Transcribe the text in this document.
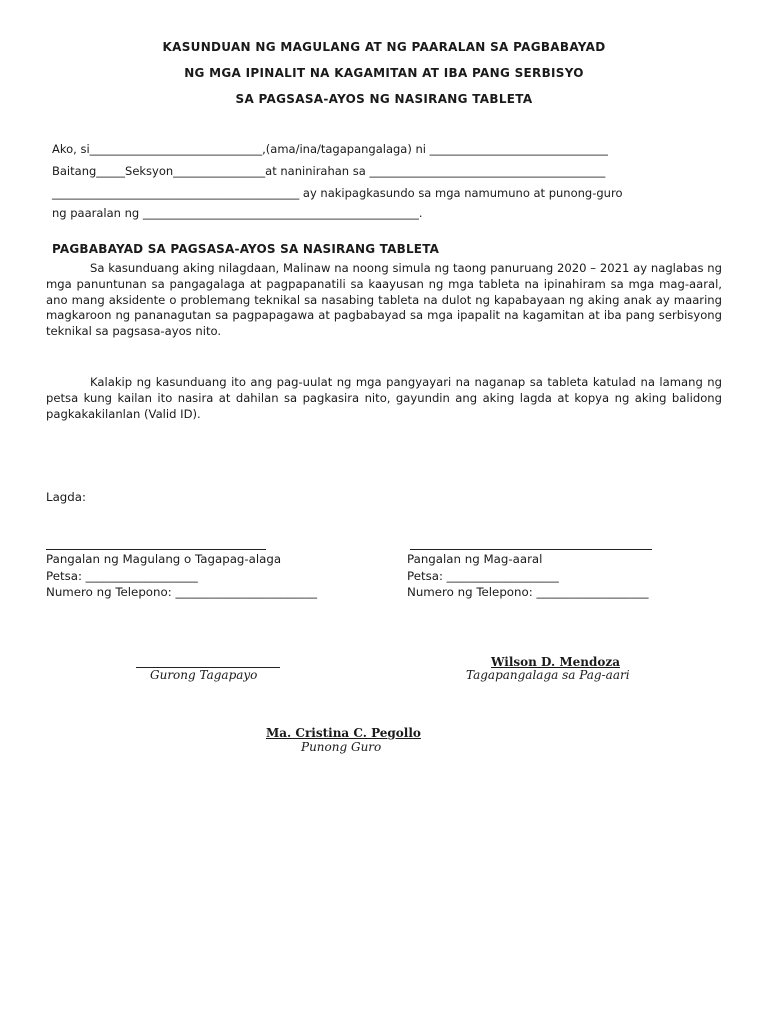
KASUNDUAN NG MAGULANG AT NG PAARALAN SA PAGBABAYAD
NG MGA IPINALIT NA KAGAMITAN AT IBA PANG SERBISYO
SA PAGSASA-AYOS NG NASIRANG TABLETA
Ako, si______________________________,(ama/ina/tagapangalaga) ni _______________________________
Baitang_____Seksyon________________at naninirahan sa _________________________________________
___________________________________________ ay nakipagkasundo sa mga namumuno at punong-guro
ng paaralan ng ________________________________________________.
PAGBABAYAD SA PAGSASA-AYOS SA NASIRANG TABLETA
Sa kasunduang aking nilagdaan, Malinaw na noong simula ng taong panuruang 2020 – 2021 ay naglabas ng mga panuntunan sa pangagalaga at pagpapanatili sa kaayusan ng mga tableta na ipinahiram sa mga mag-aaral, ano mang aksidente o problemang teknikal sa nasabing tableta na dulot ng kapabayaan ng aking anak ay maaring magkaroon ng pananagutan sa pagpapagawa at pagbabayad sa mga ipapalit na kagamitan at iba pang serbisyong teknikal sa pagsasa-ayos nito.
Kalakip ng kasunduang ito ang pag-uulat ng mga pangyayari na naganap sa tableta katulad na lamang ng petsa kung kailan ito nasira at dahilan sa pagkasira nito, gayundin ang aking lagda at kopya ng aking balidong pagkakakilanlan (Valid ID).
Lagda:
Pangalan ng Magulang o Tagapag-alaga
Petsa: ___________________
Numero ng Telepono: ________________________
Pangalan ng Mag-aaral
Petsa: ___________________
Numero ng Telepono: ___________________
Gurong Tagapayo
Wilson D. Mendoza
Tagapangalaga sa Pag-aari
Ma. Cristina C. Pegollo
Punong Guro
